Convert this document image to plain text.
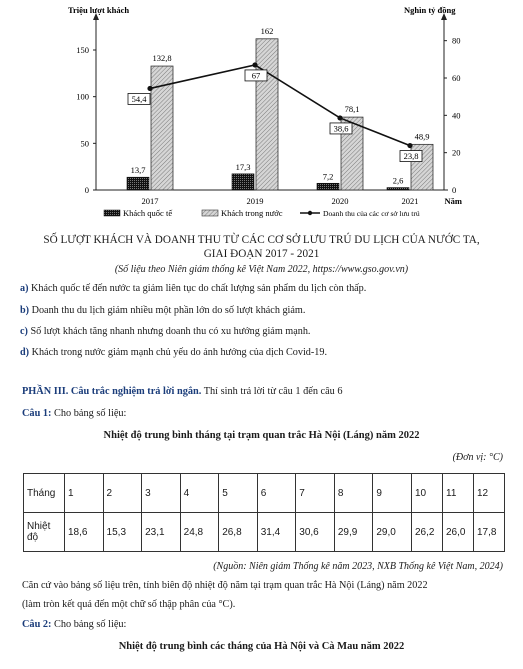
0
50
100
150
0
20
40
60
80
Triệu lượt khách	Nghìn tỷ đồng
Năm
2017	2019	2020	2021
13,7
132,8
17,3
162
7,2
78,1
2,6
48,9
54,4
67
38,6
23,8
Khách quốc tế	Khách trong nước	Doanh thu của các cơ sở lưu trú
SỐ LƯỢT KHÁCH VÀ DOANH THU TỪ CÁC CƠ SỞ LƯU TRÚ DU LỊCH CỦA NƯỚC TA,
GIAI ĐOẠN 2017 - 2021
(Số liệu theo Niên giám thống kê Việt Nam 2022, https://www.gso.gov.vn)
a) Khách quốc tế đến nước ta giảm liên tục do chất lượng sản phẩm du lịch còn thấp.
b) Doanh thu du lịch giảm nhiều một phần lớn do số lượt khách giảm.
c) Số lượt khách tăng nhanh nhưng doanh thu có xu hướng giảm mạnh.
d) Khách trong nước giảm mạnh chủ yếu do ảnh hưởng của dịch Covid-19.
PHẦN III. Câu trắc nghiệm trả lời ngắn. Thí sinh trả lời từ câu 1 đến câu 6
Câu 1: Cho bảng số liệu:
Nhiệt độ trung bình tháng tại trạm quan trắc Hà Nội (Láng) năm 2022
(Đơn vị: °C)
Tháng	1	2	3	4	5	6	7	8	9	10	11	12
Nhiệt độ	18,6	15,3	23,1	24,8	26,8	31,4	30,6	29,9	29,0	26,2	26,0	17,8
(Nguồn: Niên giám Thống kê năm 2023, NXB Thống kê Việt Nam, 2024)
Căn cứ vào bảng số liệu trên, tính biên độ nhiệt độ năm tại trạm quan trắc Hà Nội (Láng) năm 2022
(làm tròn kết quả đến một chữ số thập phân của °C).
Câu 2: Cho bảng số liệu:
Nhiệt độ trung bình các tháng của Hà Nội và Cà Mau năm 2022
